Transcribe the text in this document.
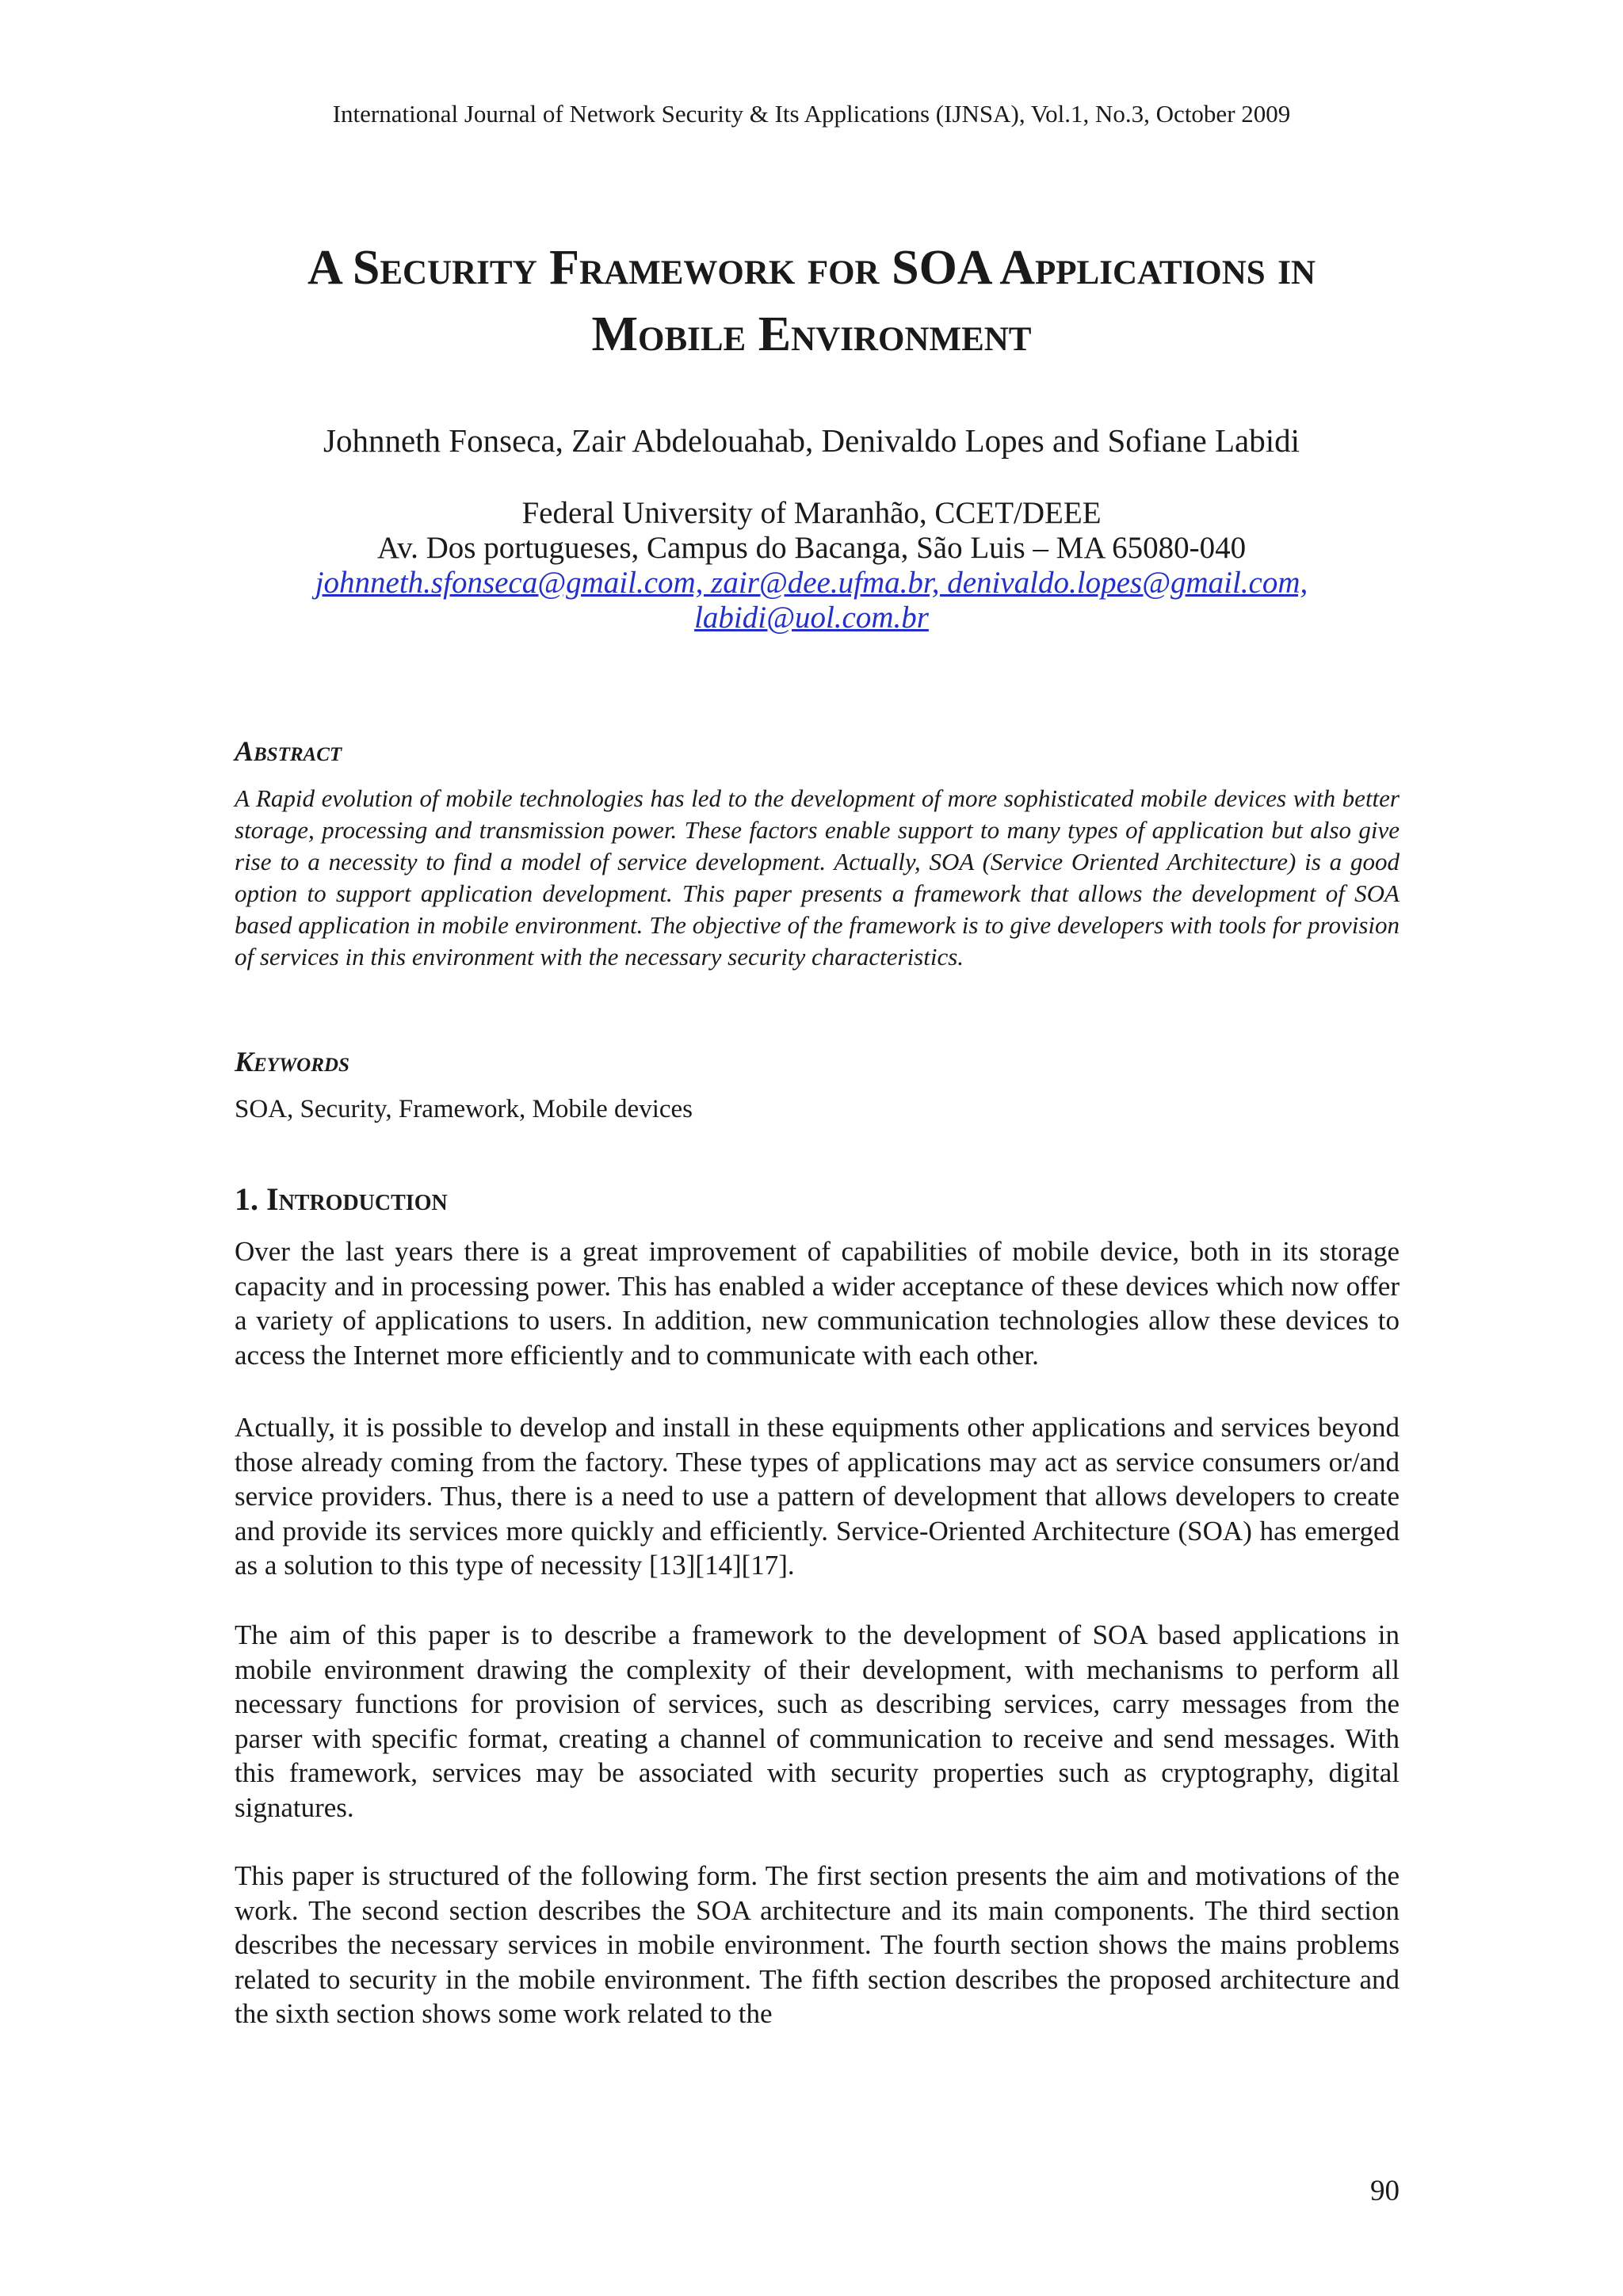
International Journal of Network Security & Its Applications (IJNSA), Vol.1, No.3, October 2009
A Security Framework for SOA Applications in
Mobile Environment
Johnneth Fonseca, Zair Abdelouahab, Denivaldo Lopes and Sofiane Labidi
Federal University of Maranhão, CCET/DEEE
Av. Dos portugueses, Campus do Bacanga, São Luis – MA 65080-040
johnneth.sfonseca@gmail.com, zair@dee.ufma.br, denivaldo.lopes@gmail.com,
labidi@uol.com.br
Abstract

A Rapid evolution of mobile technologies has led to the development of more sophisticated mobile devices with better storage, processing and transmission power. These factors enable support to many types of application but also give rise to a necessity to find a model of service development. Actually, SOA (Service Oriented Architecture) is a good option to support application development. This paper presents a framework that allows the development of SOA based application in mobile environment. The objective of the framework is to give developers with tools for provision of services in this environment with the necessary security characteristics.

Keywords

SOA, Security, Framework, Mobile devices

1. Introduction

Over the last years there is a great improvement of capabilities of mobile device, both in its storage capacity and in processing power. This has enabled a wider acceptance of these devices which now offer a variety of applications to users. In addition, new communication technologies allow these devices to access the Internet more efficiently and to communicate with each other.

Actually, it is possible to develop and install in these equipments other applications and services beyond those already coming from the factory. These types of applications may act as service consumers or/and service providers. Thus, there is a need to use a pattern of development that allows developers to create and provide its services more quickly and efficiently. Service-Oriented Architecture (SOA) has emerged as a solution to this type of necessity [13][14][17].

The aim of this paper is to describe a framework to the development of SOA based applications in mobile environment drawing the complexity of their development, with mechanisms to perform all necessary functions for provision of services, such as describing services, carry messages from the parser with specific format, creating a channel of communication to receive and send messages. With this framework, services may be associated with security properties such as cryptography, digital signatures.

This paper is structured of the following form. The first section presents the aim and motivations of the work. The second section describes the SOA architecture and its main components. The third section describes the necessary services in mobile environment. The fourth section shows the mains problems related to security in the mobile environment. The fifth section describes the proposed architecture and the sixth section shows some work related to the

90
